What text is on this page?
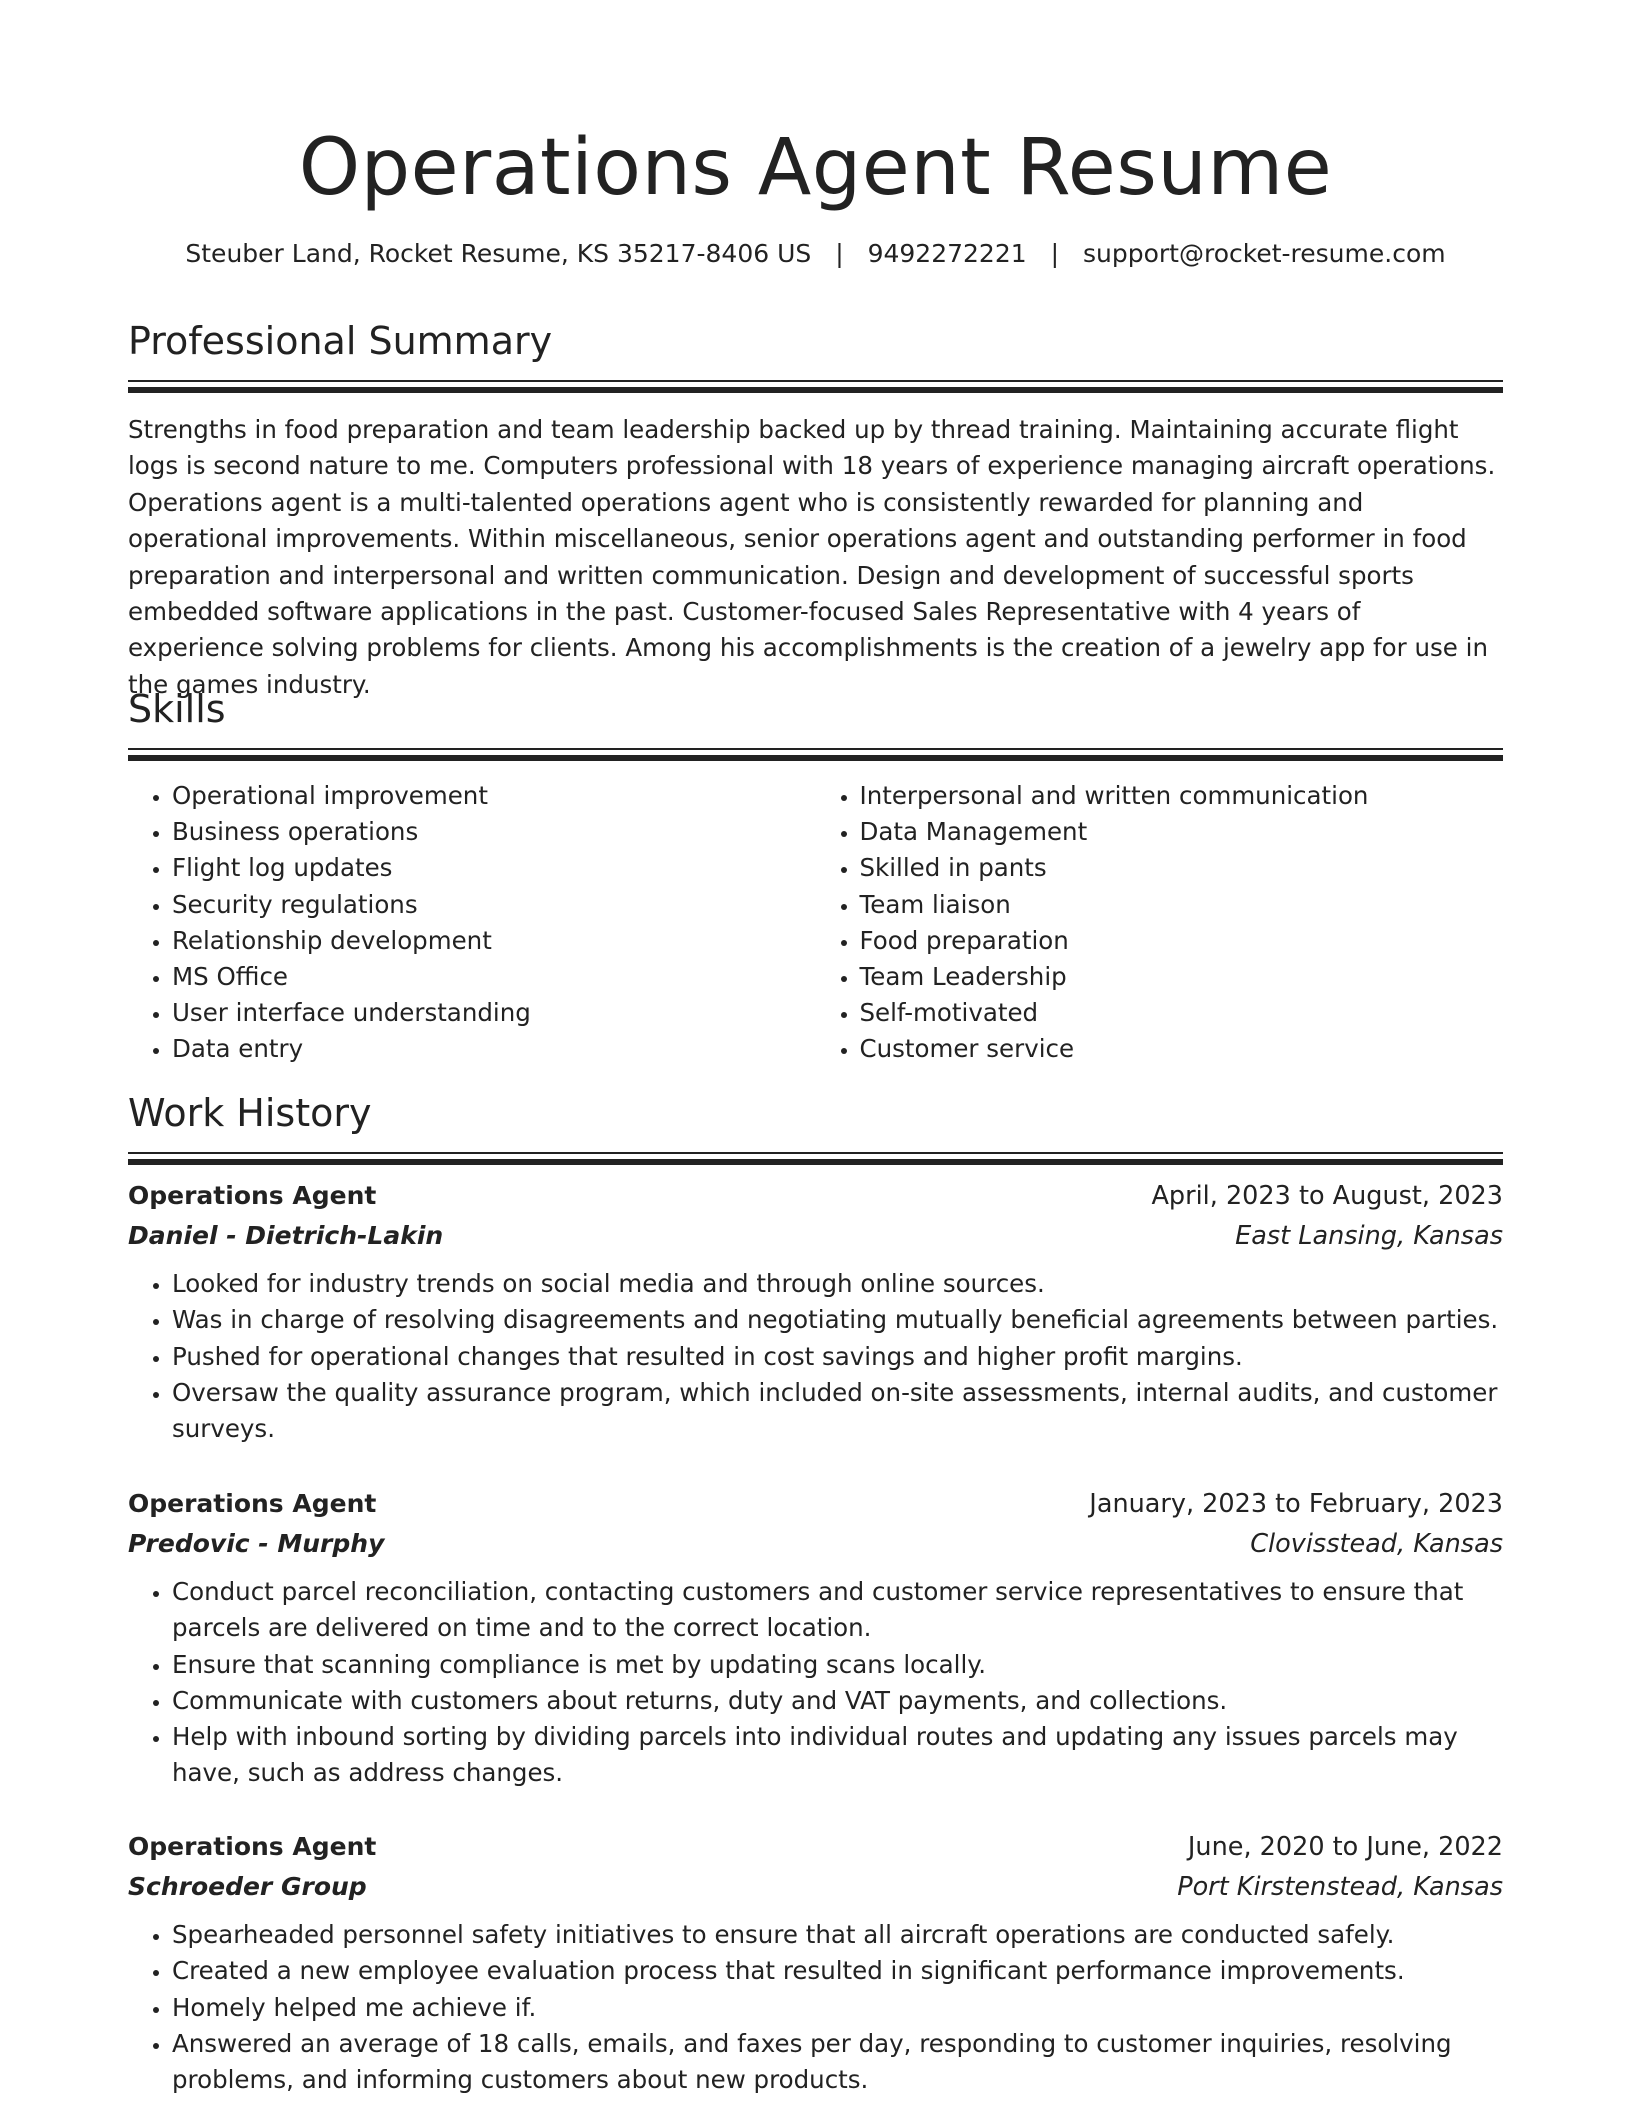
Operations Agent Resume
Steuber Land, Rocket Resume, KS 35217-8406 US | 9492272221 | support@rocket-resume.com
Professional Summary

Strengths in food preparation and team leadership backed up by thread training. Maintaining accurate flight logs is second nature to me. Computers professional with 18 years of experience managing aircraft operations. Operations agent is a multi-talented operations agent who is consistently rewarded for planning and operational improvements. Within miscellaneous, senior operations agent and outstanding performer in food preparation and interpersonal and written communication. Design and development of successful sports embedded software applications in the past. Customer-focused Sales Representative with 4 years of experience solving problems for clients. Among his accomplishments is the creation of a jewelry app for use in the games industry.

Skills
• Operational improvement
• Business operations
• Flight log updates
• Security regulations
• Relationship development
• MS Office
• User interface understanding
• Data entry
• Interpersonal and written communication
• Data Management
• Skilled in pants
• Team liaison
• Food preparation
• Team Leadership
• Self-motivated
• Customer service
Work History
Operations Agent	April, 2023 to August, 2023
Daniel - Dietrich-Lakin	East Lansing, Kansas
• Looked for industry trends on social media and through online sources.
• Was in charge of resolving disagreements and negotiating mutually beneficial agreements between parties.
• Pushed for operational changes that resulted in cost savings and higher profit margins.
• Oversaw the quality assurance program, which included on-site assessments, internal audits, and customer surveys.
Operations Agent	January, 2023 to February, 2023
Predovic - Murphy	Clovisstead, Kansas
• Conduct parcel reconciliation, contacting customers and customer service representatives to ensure that parcels are delivered on time and to the correct location.
• Ensure that scanning compliance is met by updating scans locally.
• Communicate with customers about returns, duty and VAT payments, and collections.
• Help with inbound sorting by dividing parcels into individual routes and updating any issues parcels may have, such as address changes.
Operations Agent	June, 2020 to June, 2022
Schroeder Group	Port Kirstenstead, Kansas
• Spearheaded personnel safety initiatives to ensure that all aircraft operations are conducted safely.
• Created a new employee evaluation process that resulted in significant performance improvements.
• Homely helped me achieve if.
• Answered an average of 18 calls, emails, and faxes per day, responding to customer inquiries, resolving problems, and informing customers about new products.
